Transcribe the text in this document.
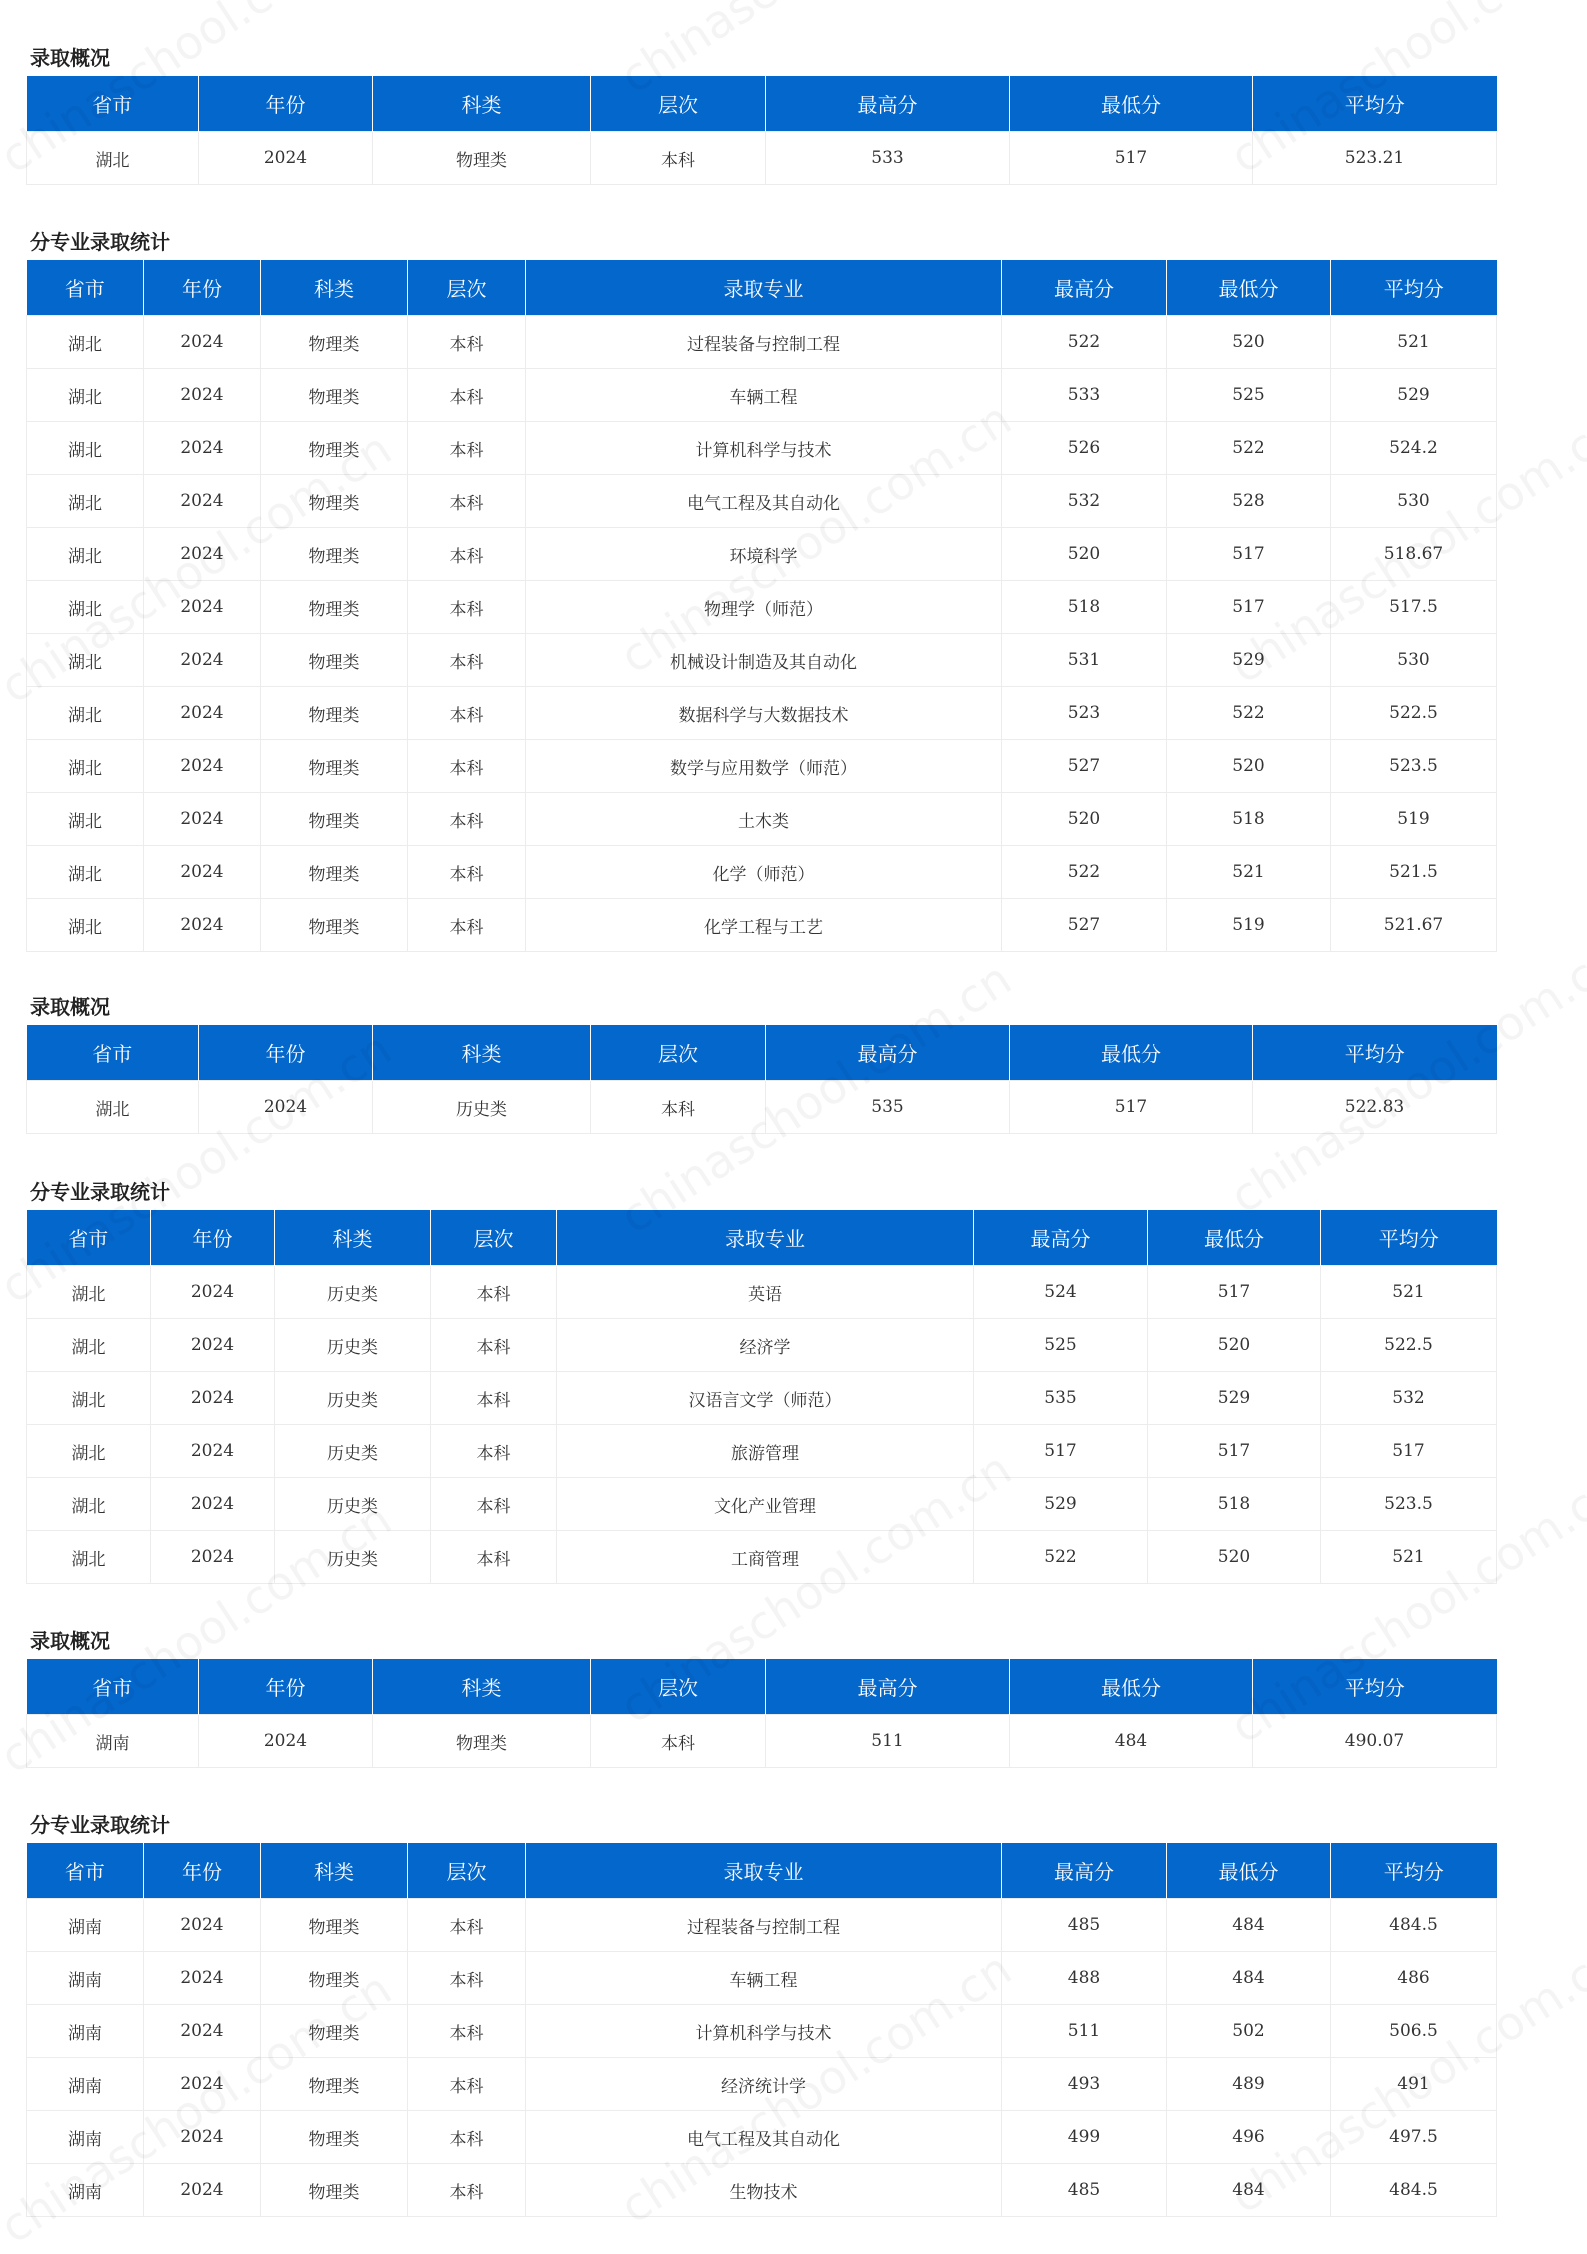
录取概况
省市	年份	科类	层次	最高分	最低分	平均分
湖北	2024	物理类	本科	533	517	523.21
分专业录取统计
省市	年份	科类	层次	录取专业	最高分	最低分	平均分
湖北	2024	物理类	本科	过程装备与控制工程	522	520	521
湖北	2024	物理类	本科	车辆工程	533	525	529
湖北	2024	物理类	本科	计算机科学与技术	526	522	524.2
湖北	2024	物理类	本科	电气工程及其自动化	532	528	530
湖北	2024	物理类	本科	环境科学	520	517	518.67
湖北	2024	物理类	本科	物理学（师范）	518	517	517.5
湖北	2024	物理类	本科	机械设计制造及其自动化	531	529	530
湖北	2024	物理类	本科	数据科学与大数据技术	523	522	522.5
湖北	2024	物理类	本科	数学与应用数学（师范）	527	520	523.5
湖北	2024	物理类	本科	土木类	520	518	519
湖北	2024	物理类	本科	化学（师范）	522	521	521.5
湖北	2024	物理类	本科	化学工程与工艺	527	519	521.67
录取概况
省市	年份	科类	层次	最高分	最低分	平均分
湖北	2024	历史类	本科	535	517	522.83
分专业录取统计
省市	年份	科类	层次	录取专业	最高分	最低分	平均分
湖北	2024	历史类	本科	英语	524	517	521
湖北	2024	历史类	本科	经济学	525	520	522.5
湖北	2024	历史类	本科	汉语言文学（师范）	535	529	532
湖北	2024	历史类	本科	旅游管理	517	517	517
湖北	2024	历史类	本科	文化产业管理	529	518	523.5
湖北	2024	历史类	本科	工商管理	522	520	521
录取概况
省市	年份	科类	层次	最高分	最低分	平均分
湖南	2024	物理类	本科	511	484	490.07
分专业录取统计
省市	年份	科类	层次	录取专业	最高分	最低分	平均分
湖南	2024	物理类	本科	过程装备与控制工程	485	484	484.5
湖南	2024	物理类	本科	车辆工程	488	484	486
湖南	2024	物理类	本科	计算机科学与技术	511	502	506.5
湖南	2024	物理类	本科	经济统计学	493	489	491
湖南	2024	物理类	本科	电气工程及其自动化	499	496	497.5
湖南	2024	物理类	本科	生物技术	485	484	484.5
